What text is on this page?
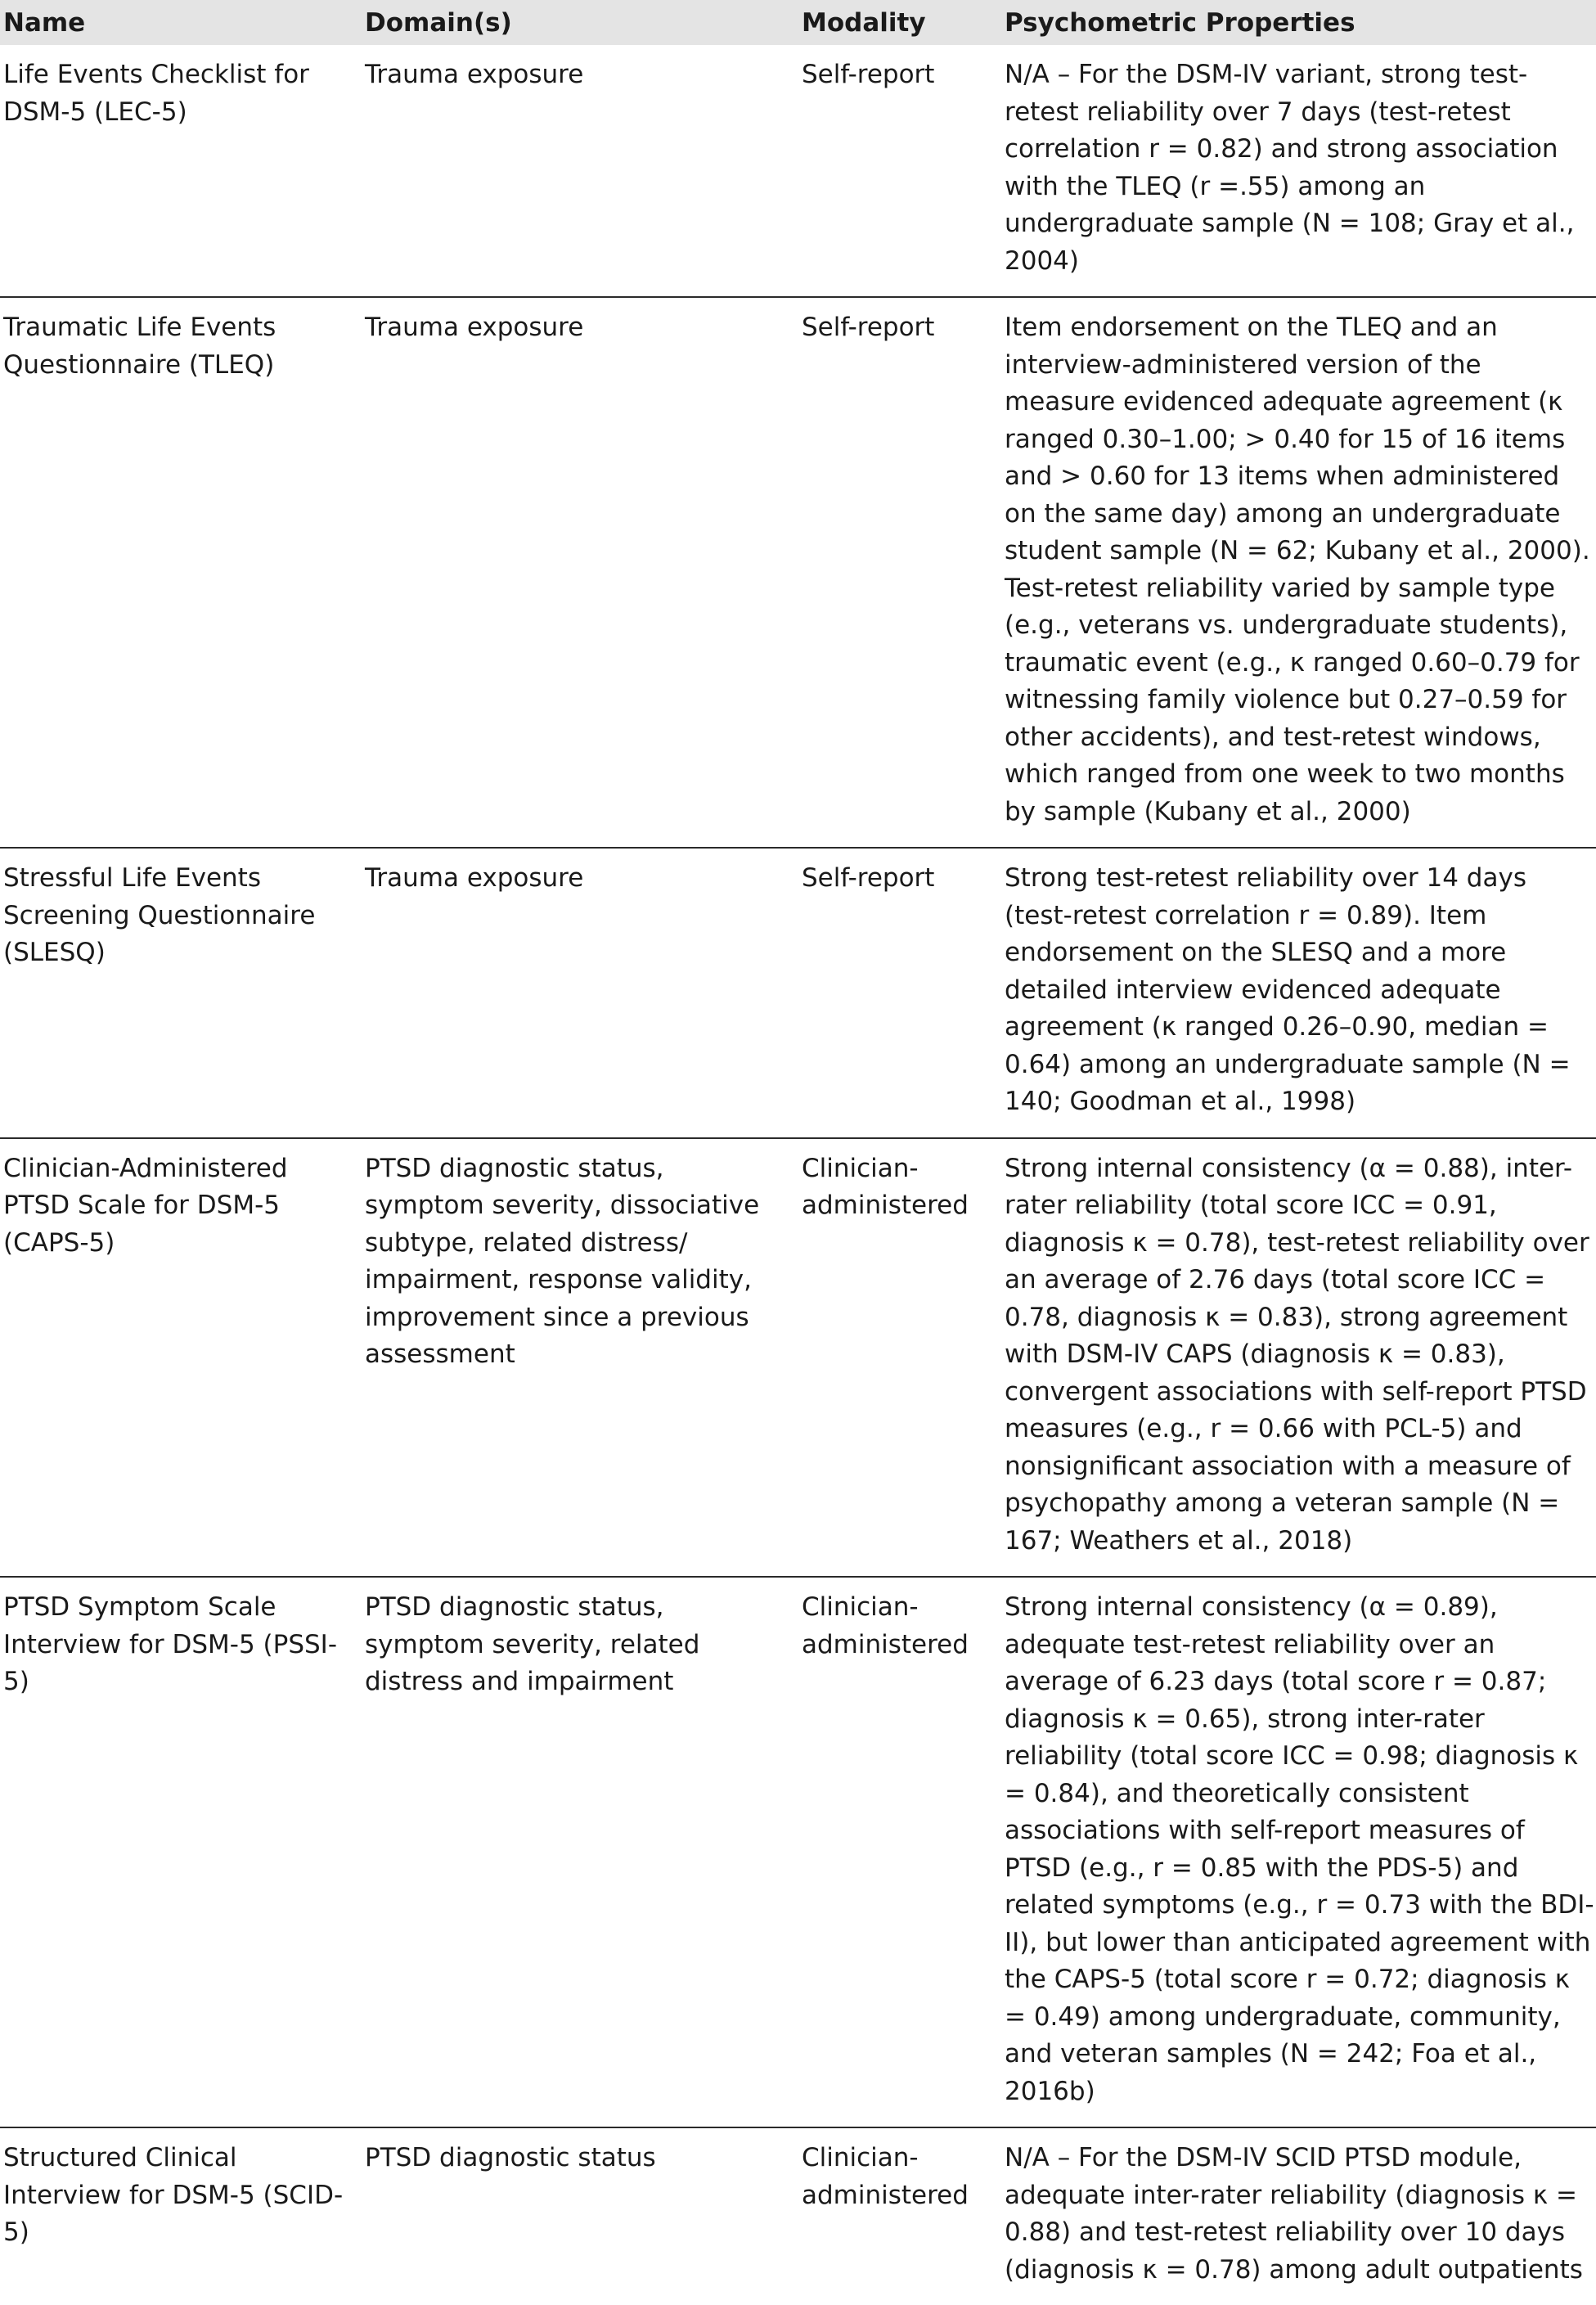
Name	Domain(s)	Modality	Psychometric Properties
Life Events Checklist for DSM-5 (LEC-5)	Trauma exposure	Self-report	N/A – For the DSM-IV variant, strong test-retest reliability over 7 days (test-retest correlation r = 0.82) and strong association with the TLEQ (r =.55) among an undergraduate sample (N = 108; Gray et al., 2004)
Traumatic Life Events Questionnaire (TLEQ)	Trauma exposure	Self-report	Item endorsement on the TLEQ and an interview-administered version of the measure evidenced adequate agreement (κ ranged 0.30–1.00; > 0.40 for 15 of 16 items and > 0.60 for 13 items when administered on the same day) among an undergraduate student sample (N = 62; Kubany et al., 2000). Test-retest reliability varied by sample type (e.g., veterans vs. undergraduate students), traumatic event (e.g., κ ranged 0.60–0.79 for witnessing family violence but 0.27–0.59 for other accidents), and test-retest windows, which ranged from one week to two months by sample (Kubany et al., 2000)
Stressful Life Events Screening Questionnaire (SLESQ)	Trauma exposure	Self-report	Strong test-retest reliability over 14 days (test-retest correlation r = 0.89). Item endorsement on the SLESQ and a more detailed interview evidenced adequate agreement (κ ranged 0.26–0.90, median = 0.64) among an undergraduate sample (N = 140; Goodman et al., 1998)
Clinician-Administered PTSD Scale for DSM-5 (CAPS-5)	PTSD diagnostic status, symptom severity, dissociative subtype, related distress/ impairment, response validity, improvement since a previous assessment	Clinician-administered	Strong internal consistency (α = 0.88), inter-rater reliability (total score ICC = 0.91, diagnosis κ = 0.78), test-retest reliability over an average of 2.76 days (total score ICC = 0.78, diagnosis κ = 0.83), strong agreement with DSM-IV CAPS (diagnosis κ = 0.83), convergent associations with self-report PTSD measures (e.g., r = 0.66 with PCL-5) and nonsignificant association with a measure of psychopathy among a veteran sample (N = 167; Weathers et al., 2018)
PTSD Symptom Scale Interview for DSM-5 (PSSI-5)	PTSD diagnostic status, symptom severity, related distress and impairment	Clinician-administered	Strong internal consistency (α = 0.89), adequate test-retest reliability over an average of 6.23 days (total score r = 0.87; diagnosis κ = 0.65), strong inter-rater reliability (total score ICC = 0.98; diagnosis κ = 0.84), and theoretically consistent associations with self-report measures of PTSD (e.g., r = 0.85 with the PDS-5) and related symptoms (e.g., r = 0.73 with the BDI-II), but lower than anticipated agreement with the CAPS-5 (total score r = 0.72; diagnosis κ = 0.49) among undergraduate, community, and veteran samples (N = 242; Foa et al., 2016b)
Structured Clinical Interview for DSM-5 (SCID-5)	PTSD diagnostic status	Clinician-administered	N/A – For the DSM-IV SCID PTSD module, adequate inter-rater reliability (diagnosis κ = 0.88) and test-retest reliability over 10 days (diagnosis κ = 0.78) among adult outpatients
